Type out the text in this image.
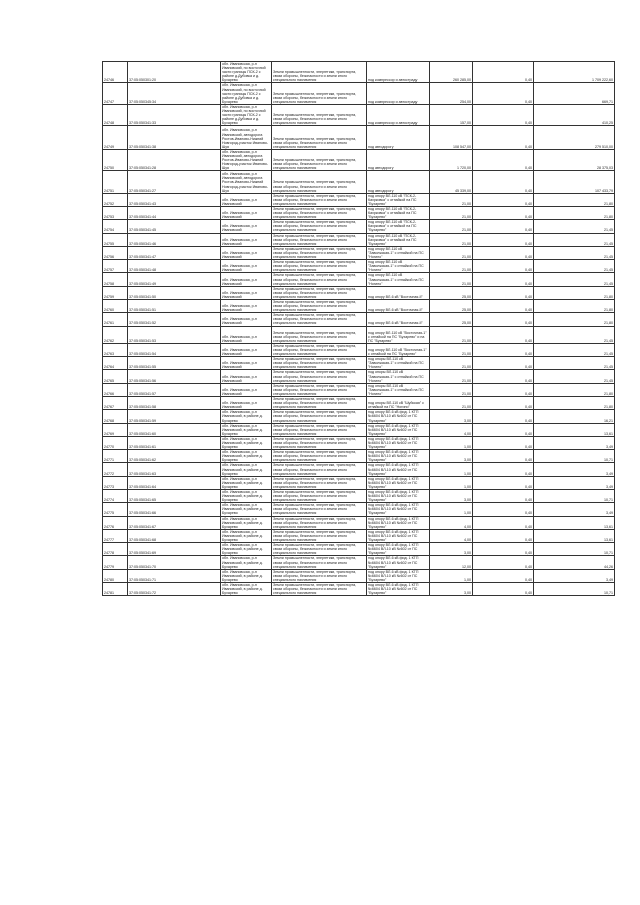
24746	37:05:050301:20	обл. Ивановская, р-н Ивановский, по восточной части границы ПСК-2 с районе д.Дубовка и д. Бухарево	Земли промышленности, энергетики, транспорта, связи обороны, безопасности и земли иного специального назначения	под компрессор и автостраду	260 285,00	0,40	1 709 222,60
24747	37:05:050345:34	обл. Ивановская, р-н Ивановский, по восточной части границы ПСК-2 с районе д.Дубовка и д. Бухарево	Земли промышленности, энергетики, транспорта, связи обороны, безопасности и земли иного специального назначения	под компрессор и автостраду	254,00	0,40	669,71
24748	37:05:050341:33	обл. Ивановская, р-н Ивановский, по восточной части границы ПСК-2 с районе д.Дубовка и д. Бухарево	Земли промышленности, энергетики, транспорта, связи обороны, безопасности и земли иного специального назначения	под компрессор и автостраду	157,00	0,40	410,25
24749	37:05:050341:38	обл. Ивановская, р-н Ивановский, автодорога Ростов-Иваново-Нижний Новгород-участок Иваново-Шуя	Земли промышленности, энергетики, транспорта, связи обороны, безопасности и земли иного специального назначения	под автодорогу	108 547,00	0,40	279 510,00
24750	37:05:050341:28	обл. Ивановская, р-н Ивановский, автодорога Ростов-Иваново-Нижний Новгород-участок Иваново-Шуя	Земли промышленности, энергетики, транспорта, связи обороны, безопасности и земли иного специального назначения	под автодорогу	1 720,00	0,40	28 375,03
24751	37:05:050341:27	обл. Ивановская, р-н Ивановский, автодорога Ростов-Иваново-Нижний Новгород-участок Иваново-Шуя	Земли промышленности, энергетики, транспорта, связи обороны, безопасности и земли иного специального назначения	под автодорогу	45 339,00	0,40	107 433,79
24752	37:05:050341:43	обл. Ивановская, р-н Ивановский	Земли промышленности, энергетики, транспорта, связи обороны, безопасности и земли иного специального назначения	под опору ВЛ-110 кВ "ПСК-2-Кахрковка" с отпайкой на ПС "Бухарево"	21,00	0,40	21,80
24753	37:05:050341:44	обл. Ивановская, р-н Ивановский	Земли промышленности, энергетики, транспорта, связи обороны, безопасности и земли иного специального назначения	под опору ВЛ-110 кВ "ПСК-2-Кахрковка" с отпайкой на ПС "Бухарево"	21,00	0,40	21,80
24754	37:05:050341:45	обл. Ивановская, р-н Ивановский	Земли промышленности, энергетики, транспорта, связи обороны, безопасности и земли иного специального назначения	под опору ВЛ-110 кВ "ПСК-2-Кахрковка" с отпайкой на ПС "Бухарево"	21,00	0,40	21,45
24755	37:05:050341:46	обл. Ивановская, р-н Ивановский	Земли промышленности, энергетики, транспорта, связи обороны, безопасности и земли иного специального назначения	под опору ВЛ-110 кВ "ПСК-2-Кахрковка" с отпайкой на ПС "Бухарево"	21,00	0,40	21,45
24756	37:05:050341:47	обл. Ивановская, р-н Ивановский	Земли промышленности, энергетики, транспорта, связи обороны, безопасности и земли иного специального назначения	под опору ВЛ-110 кВ "Заволжская-1" с отпайкой на ПС "Ногино"	21,00	0,40	21,45
24757	37:05:050341:48	обл. Ивановская, р-н Ивановский	Земли промышленности, энергетики, транспорта, связи обороны, безопасности и земли иного специального назначения	под опору ВЛ-110 кВ "Заволжская-1" с отпайкой на ПС "Ногино"	21,00	0,40	21,45
24758	37:05:050341:49	обл. Ивановская, р-н Ивановский	Земли промышленности, энергетики, транспорта, связи обороны, безопасности и земли иного специального назначения	под опору ВЛ-110 кВ "Заволжская-1" с отпайкой на ПС "Ногино"	21,00	0,40	21,45
24759	37:05:050341:50	обл. Ивановская, р-н Ивановский	Земли промышленности, энергетики, транспорта, связи обороны, безопасности и земли иного специального назначения	под опору ВЛ-6 кВ "Восточная-II"	25,00	0,40	21,80
24760	37:05:050341:51	обл. Ивановская, р-н Ивановский	Земли промышленности, энергетики, транспорта, связи обороны, безопасности и земли иного специального назначения	под опору ВЛ-6 кВ "Восточная-II"	25,00	0,40	21,80
24761	37:05:050341:52	обл. Ивановская, р-н Ивановский	Земли промышленности, энергетики, транспорта, связи обороны, безопасности и земли иного специального назначения	под опору ВЛ-6 кВ "Восточная-II"	25,00	0,40	21,80
24762	37:05:050341:53	обл. Ивановская, р-н Ивановский	Земли промышленности, энергетики, транспорта, связи обороны, безопасности и земли иного специального назначения	под опору ВЛ-110 кВ "Восточная-1" с отпайкой на ПС "Бухарево" и на ПС "Бухарево"	21,00	0,40	21,45
24763	37:05:050341:54	обл. Ивановская, р-н Ивановский	Земли промышленности, энергетики, транспорта, связи обороны, безопасности и земли иного специального назначения	под опору ВЛ-110 кВ "Восточная-1" с отпайкой на ПС "Бухарево"	21,00	0,40	21,45
24764	37:05:050341:55	обл. Ивановская, р-н Ивановский	Земли промышленности, энергетики, транспорта, связи обороны, безопасности и земли иного специального назначения	под опоры ВЛ-110 кВ "Заволжская-1" с отпайкой на ПС "Ногино"	21,00	0,40	21,45
24765	37:05:050341:56	обл. Ивановская, р-н Ивановский	Земли промышленности, энергетики, транспорта, связи обороны, безопасности и земли иного специального назначения	под опоры ВЛ-110 кВ "Заволжская-1" с отпайкой на ПС "Ногино"	21,00	0,40	21,45
24766	37:05:050341:57	обл. Ивановская, р-н Ивановский	Земли промышленности, энергетики, транспорта, связи обороны, безопасности и земли иного специального назначения	под опоры ВЛ-110 кВ "Заволжская-1" с отпайкой на ПС "Ногино"	21,00	0,40	21,80
24767	37:05:050341:58	обл. Ивановская, р-н Ивановский	Земли промышленности, энергетики, транспорта, связи обороны, безопасности и земли иного специального назначения	под опоры ВЛ-110 кВ "Шуйская" с отпайкой на ПС "Ногино"	21,00	0,40	21,80
24768	37:05:050341:59	обл. Ивановская, р-н Ивановский, в районе д. Бухарево	Земли промышленности, энергетики, транспорта, связи обороны, безопасности и земли иного специального назначения	под опору ВЛ-6 кВ фид. 1 КТП №6604 ВЛ-10 кВ №602 от ПС "Бухарево"	3,00	0,40	16,21
24769	37:05:050341:60	обл. Ивановская, р-н Ивановский, в районе д. Бухарево	Земли промышленности, энергетики, транспорта, связи обороны, безопасности и земли иного специального назначения	под опору ВЛ-6 кВ фид. 1 КТП №6604 ВЛ-10 кВ №602 от ПС "Бухарево"	4,00	0,40	13,61
24770	37:05:050341:61	обл. Ивановская, р-н Ивановский, в районе д. Бухарево	Земли промышленности, энергетики, транспорта, связи обороны, безопасности и земли иного специального назначения	под опору ВЛ-6 кВ фид. 1 КТП №6604 ВЛ-10 кВ №602 от ПС "Бухарево"	1,00	0,40	3,49
24771	37:05:050341:62	обл. Ивановская, р-н Ивановский, в районе д. Бухарево	Земли промышленности, энергетики, транспорта, связи обороны, безопасности и земли иного специального назначения	под опору ВЛ-6 кВ фид. 1 КТП №6604 ВЛ-10 кВ №602 от ПС "Бухарево"	3,00	0,40	10,71
24772	37:05:050341:63	обл. Ивановская, р-н Ивановский, в районе д. Бухарево	Земли промышленности, энергетики, транспорта, связи обороны, безопасности и земли иного специального назначения	под опору ВЛ-6 кВ фид. 1 КТП №6604 ВЛ-10 кВ №602 от ПС "Бухарево"	1,00	0,40	3,49
24773	37:05:050341:64	обл. Ивановская, р-н Ивановский, в районе д. Бухарево	Земли промышленности, энергетики, транспорта, связи обороны, безопасности и земли иного специального назначения	под опору ВЛ-6 кВ фид. 1 КТП №6604 ВЛ-10 кВ №602 от ПС "Бухарево"	1,00	0,40	3,49
24774	37:05:050341:65	обл. Ивановская, р-н Ивановский, в районе д. Бухарево	Земли промышленности, энергетики, транспорта, связи обороны, безопасности и земли иного специального назначения	под опору ВЛ-6 кВ фид. 1 КТП №6604 ВЛ-10 кВ №602 от ПС "Бухарево"	3,00	0,40	10,71
24775	37:05:050341:66	обл. Ивановская, р-н Ивановский, в районе д. Бухарево	Земли промышленности, энергетики, транспорта, связи обороны, безопасности и земли иного специального назначения	под опору ВЛ-6 кВ фид. 1 КТП №6604 ВЛ-10 кВ №602 от ПС "Бухарево"	1,00	0,40	3,49
24776	37:05:050341:67	обл. Ивановская, р-н Ивановский, в районе д. Бухарево	Земли промышленности, энергетики, транспорта, связи обороны, безопасности и земли иного специального назначения	под опору ВЛ-6 кВ фид. 1 КТП №6604 ВЛ-10 кВ №602 от ПС "Бухарево"	4,00	0,40	13,61
24777	37:05:050341:68	обл. Ивановская, р-н Ивановский, в районе д. Бухарево	Земли промышленности, энергетики, транспорта, связи обороны, безопасности и земли иного специального назначения	под опору ВЛ-6 кВ фид. 1 КТП №6604 ВЛ-10 кВ №602 от ПС "Бухарево"	4,00	0,40	13,61
24778	37:05:050341:69	обл. Ивановская, р-н Ивановский, в районе д. Бухарево	Земли промышленности, энергетики, транспорта, связи обороны, безопасности и земли иного специального назначения	под опору ВЛ-6 кВ фид. 1 КТП №6604 ВЛ-10 кВ №602 от ПС "Бухарево"	3,00	0,40	10,71
24779	37:05:050341:70	обл. Ивановская, р-н Ивановский, в районе д. Бухарево	Земли промышленности, энергетики, транспорта, связи обороны, безопасности и земли иного специального назначения	под опору ВЛ-6 кВ фид. 1 КТП №6604 ВЛ-10 кВ №602 от ПС "Бухарево"	12,00	0,40	44,26
24780	37:05:050341:71	обл. Ивановская, р-н Ивановский, в районе д. Бухарево	Земли промышленности, энергетики, транспорта, связи обороны, безопасности и земли иного специального назначения	под опору ВЛ-6 кВ фид. 1 КТП №6604 ВЛ-10 кВ №602 от ПС "Бухарево"	1,00	0,40	3,49
24781	37:05:050341:72	обл. Ивановская, р-н Ивановский, в районе д. Бухарево	Земли промышленности, энергетики, транспорта, связи обороны, безопасности и земли иного специального назначения	под опору ВЛ-6 кВ фид. 1 КТП №6604 ВЛ-10 кВ №602 от ПС "Бухарево"	3,00	0,40	10,71
